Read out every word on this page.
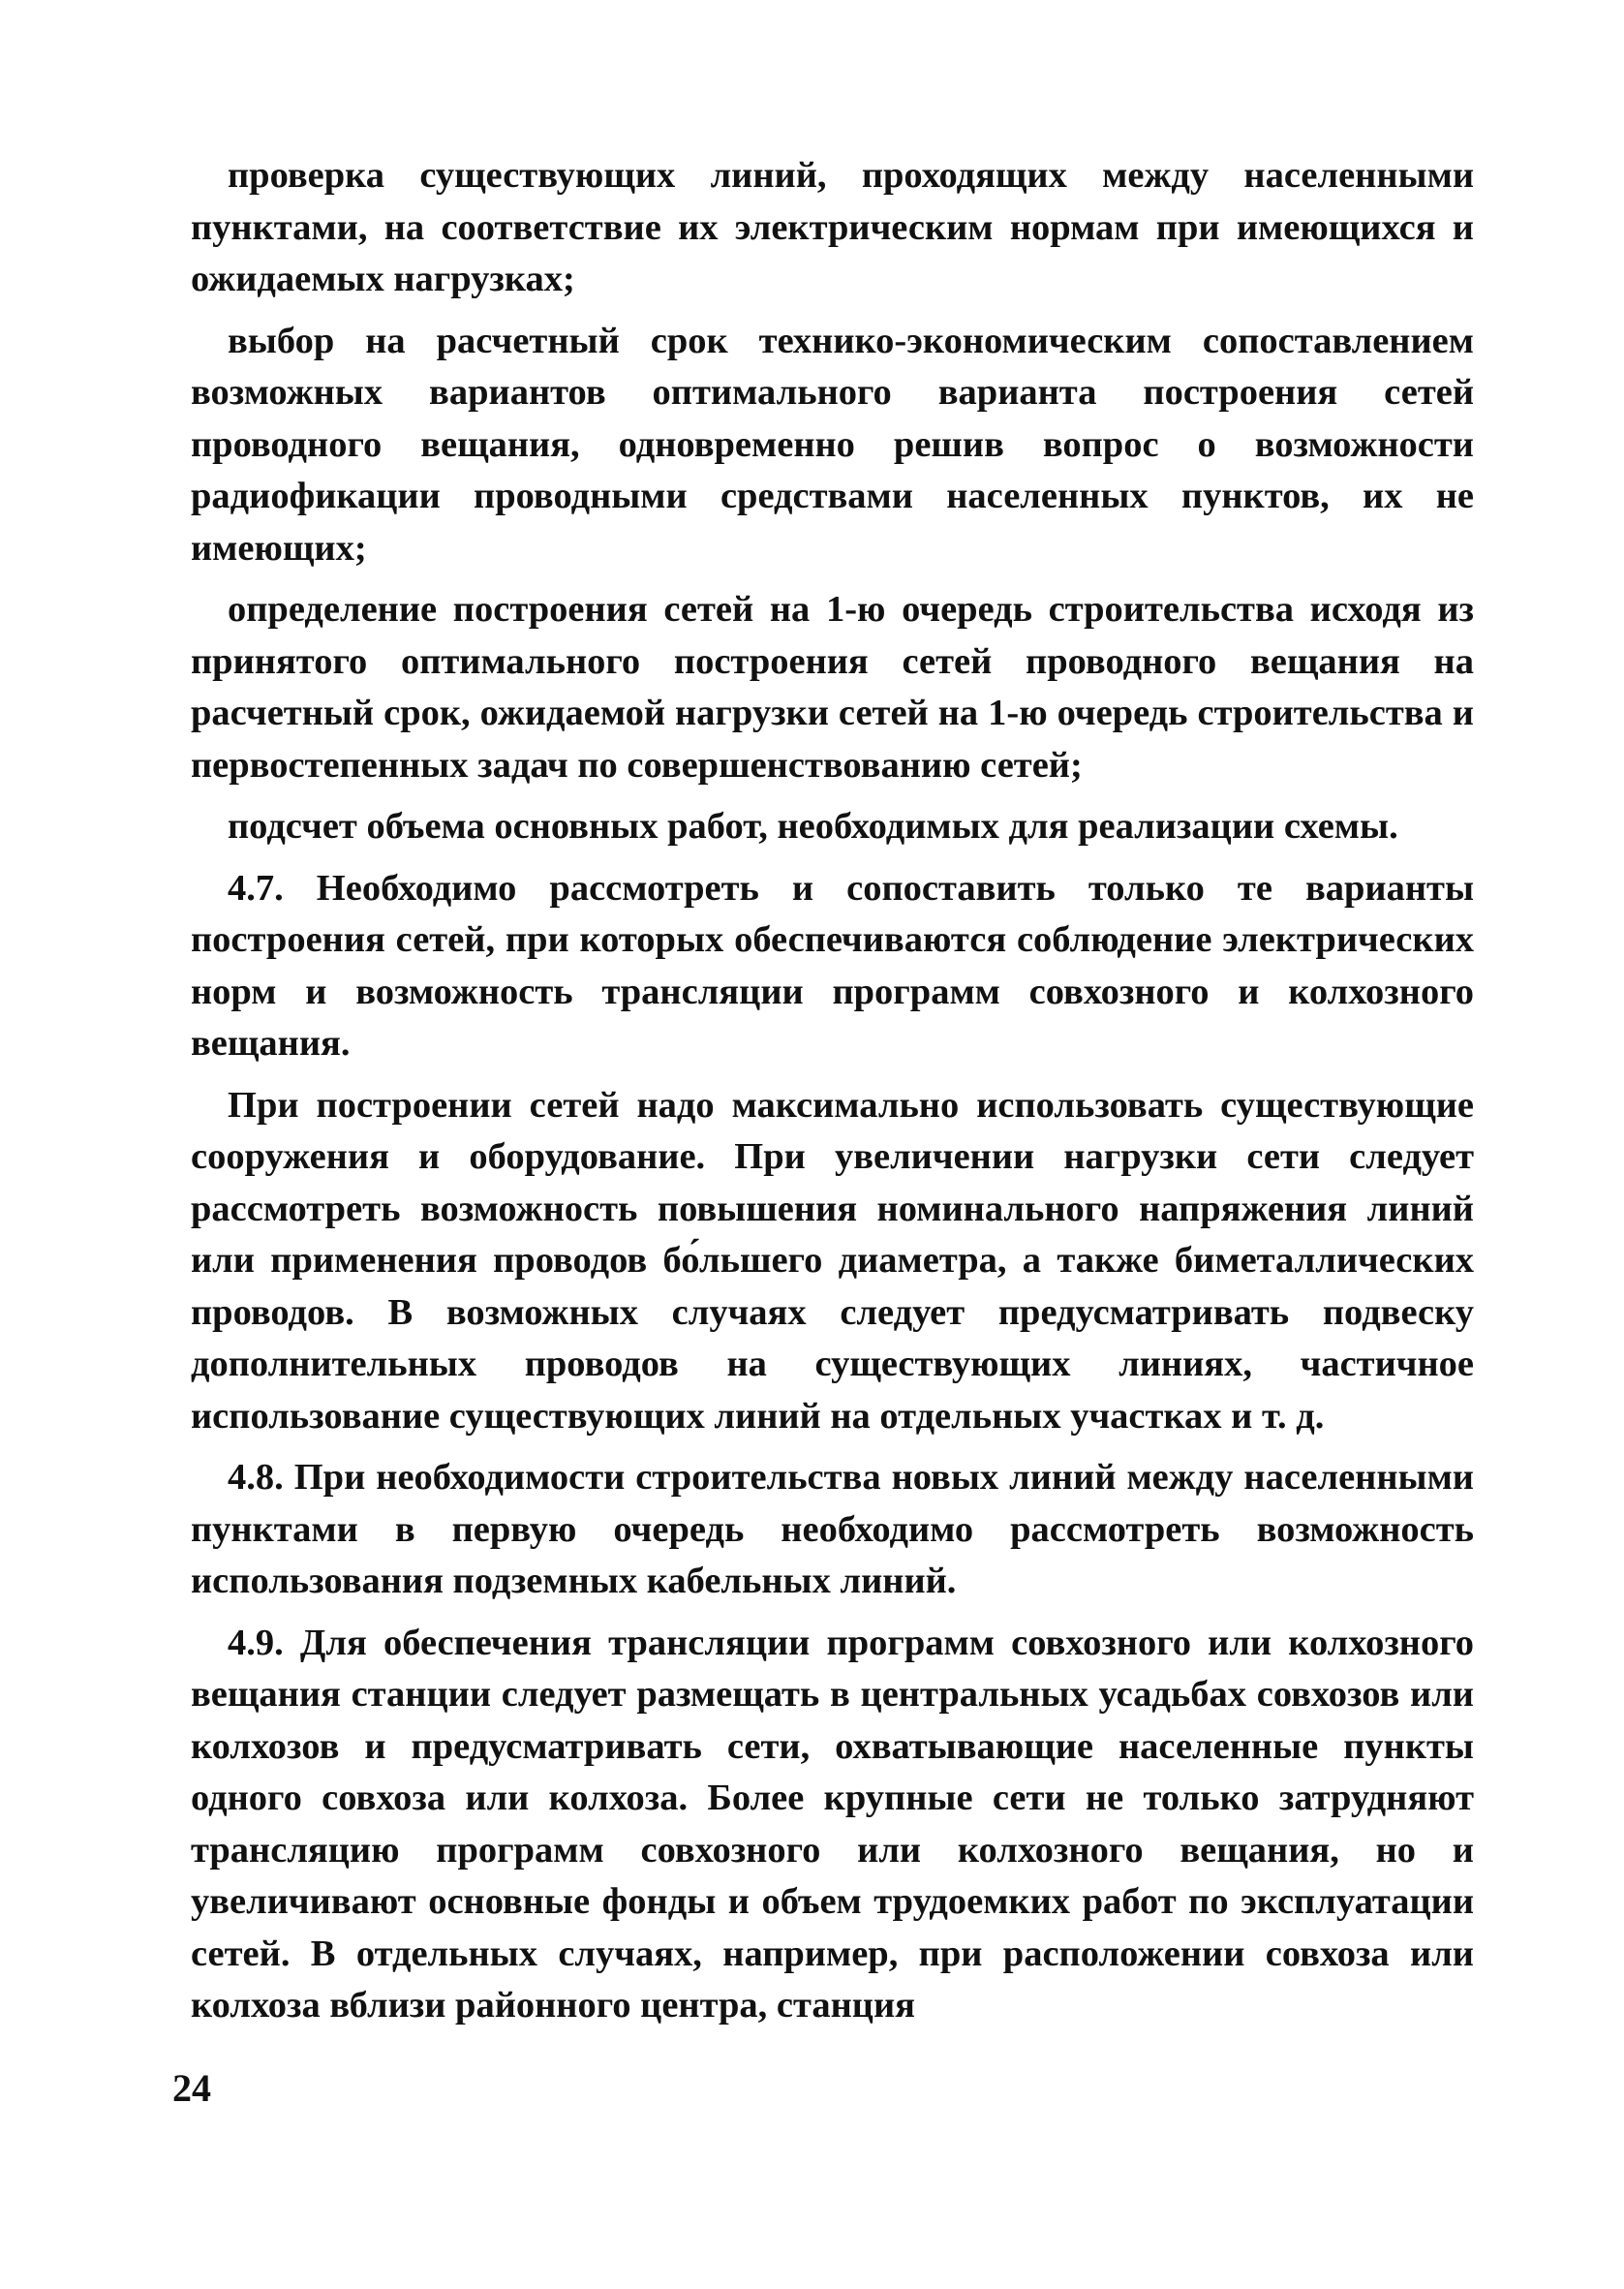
проверка существующих линий, проходящих между населенными пунктами, на соответствие их электрическим нормам при имеющихся и ожидаемых нагрузках;

выбор на расчетный срок технико-экономическим сопоставлением возможных вариантов оптимального варианта построения сетей проводного вещания, одновременно решив вопрос о возможности радиофикации проводными средствами населенных пунктов, их не имеющих;

определение построения сетей на 1-ю очередь строительства исходя из принятого оптимального построения сетей проводного вещания на расчетный срок, ожидаемой нагрузки сетей на 1-ю очередь строительства и первостепенных задач по совершенствованию сетей;

подсчет объема основных работ, необходимых для реализации схемы.

4.7. Необходимо рассмотреть и сопоставить только те варианты построения сетей, при которых обеспечиваются соблюдение электрических норм и возможность трансляции программ совхозного и колхозного вещания.

При построении сетей надо максимально использовать существующие сооружения и оборудование. При увеличении нагрузки сети следует рассмотреть возможность повышения номинального напряжения линий или применения проводов бо́льшего диаметра, а также биметаллических проводов. В возможных случаях следует предусматривать подвеску дополнительных проводов на существующих линиях, частичное использование существующих линий на отдельных участках и т. д.

4.8. При необходимости строительства новых линий между населенными пунктами в первую очередь необходимо рассмотреть возможность использования подземных кабельных линий.

4.9. Для обеспечения трансляции программ совхозного или колхозного вещания станции следует размещать в центральных усадьбах совхозов или колхозов и предусматривать сети, охватывающие населенные пункты одного совхоза или колхоза. Более крупные сети не только затрудняют трансляцию программ совхозного или колхозного вещания, но и увеличивают основные фонды и объем трудоемких работ по эксплуатации сетей. В отдельных случаях, например, при расположении совхоза или колхоза вблизи районного центра, станция

24
